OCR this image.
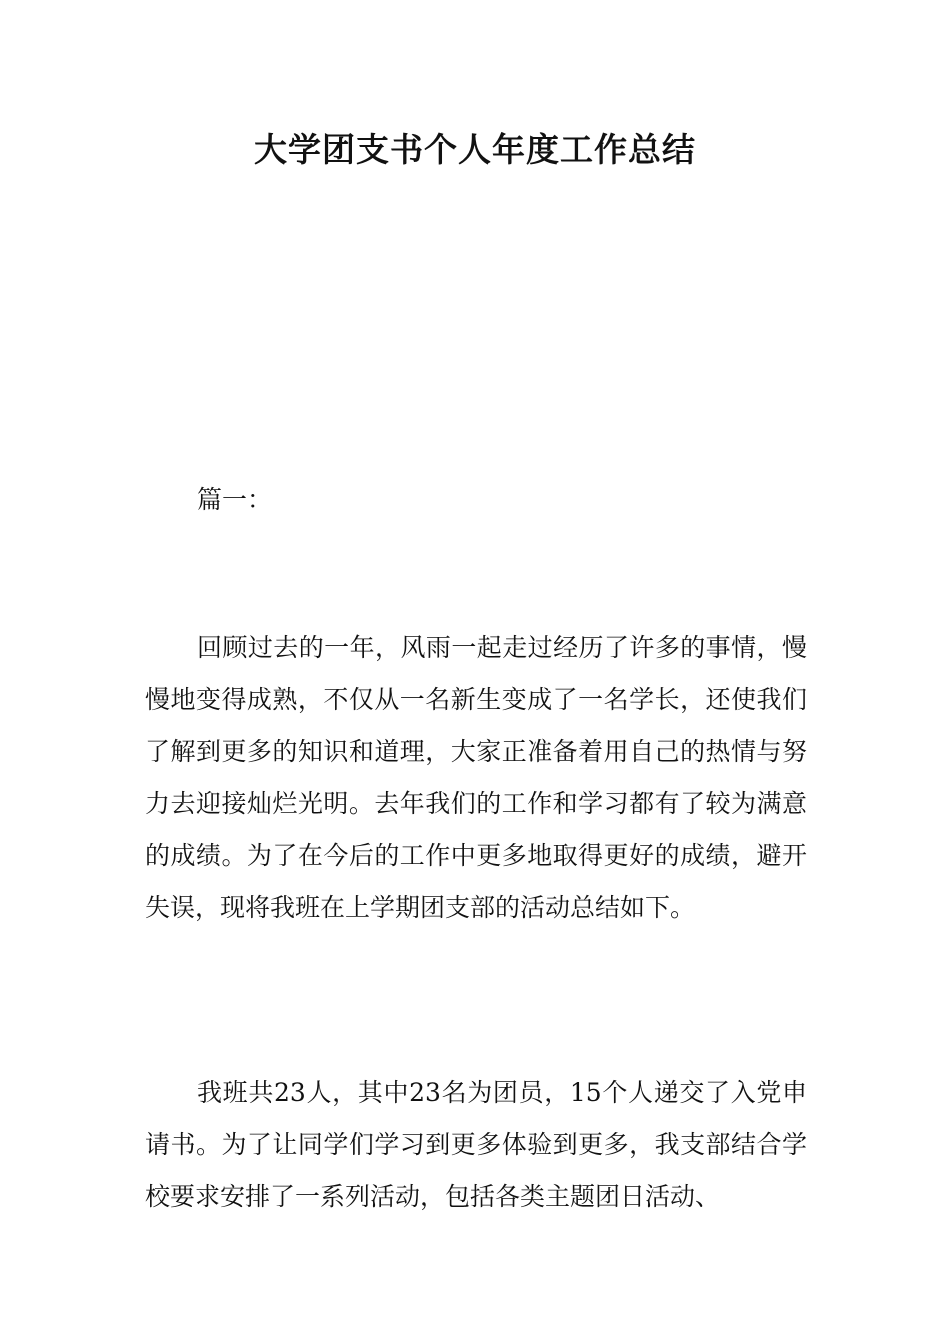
大学团支书个人年度工作总结

篇一：

回顾过去的一年，风雨一起走过经历了许多的事情，慢慢地变得成熟，不仅从一名新生变成了一名学长，还使我们了解到更多的知识和道理，大家正准备着用自己的热情与努力去迎接灿烂光明。去年我们的工作和学习都有了较为满意的成绩。为了在今后的工作中更多地取得更好的成绩，避开失误，现将我班在上学期团支部的活动总结如下。

我班共23人，其中23名为团员，15个人递交了入党申请书。为了让同学们学习到更多体验到更多，我支部结合学校要求安排了一系列活动，包括各类主题团日活动、
